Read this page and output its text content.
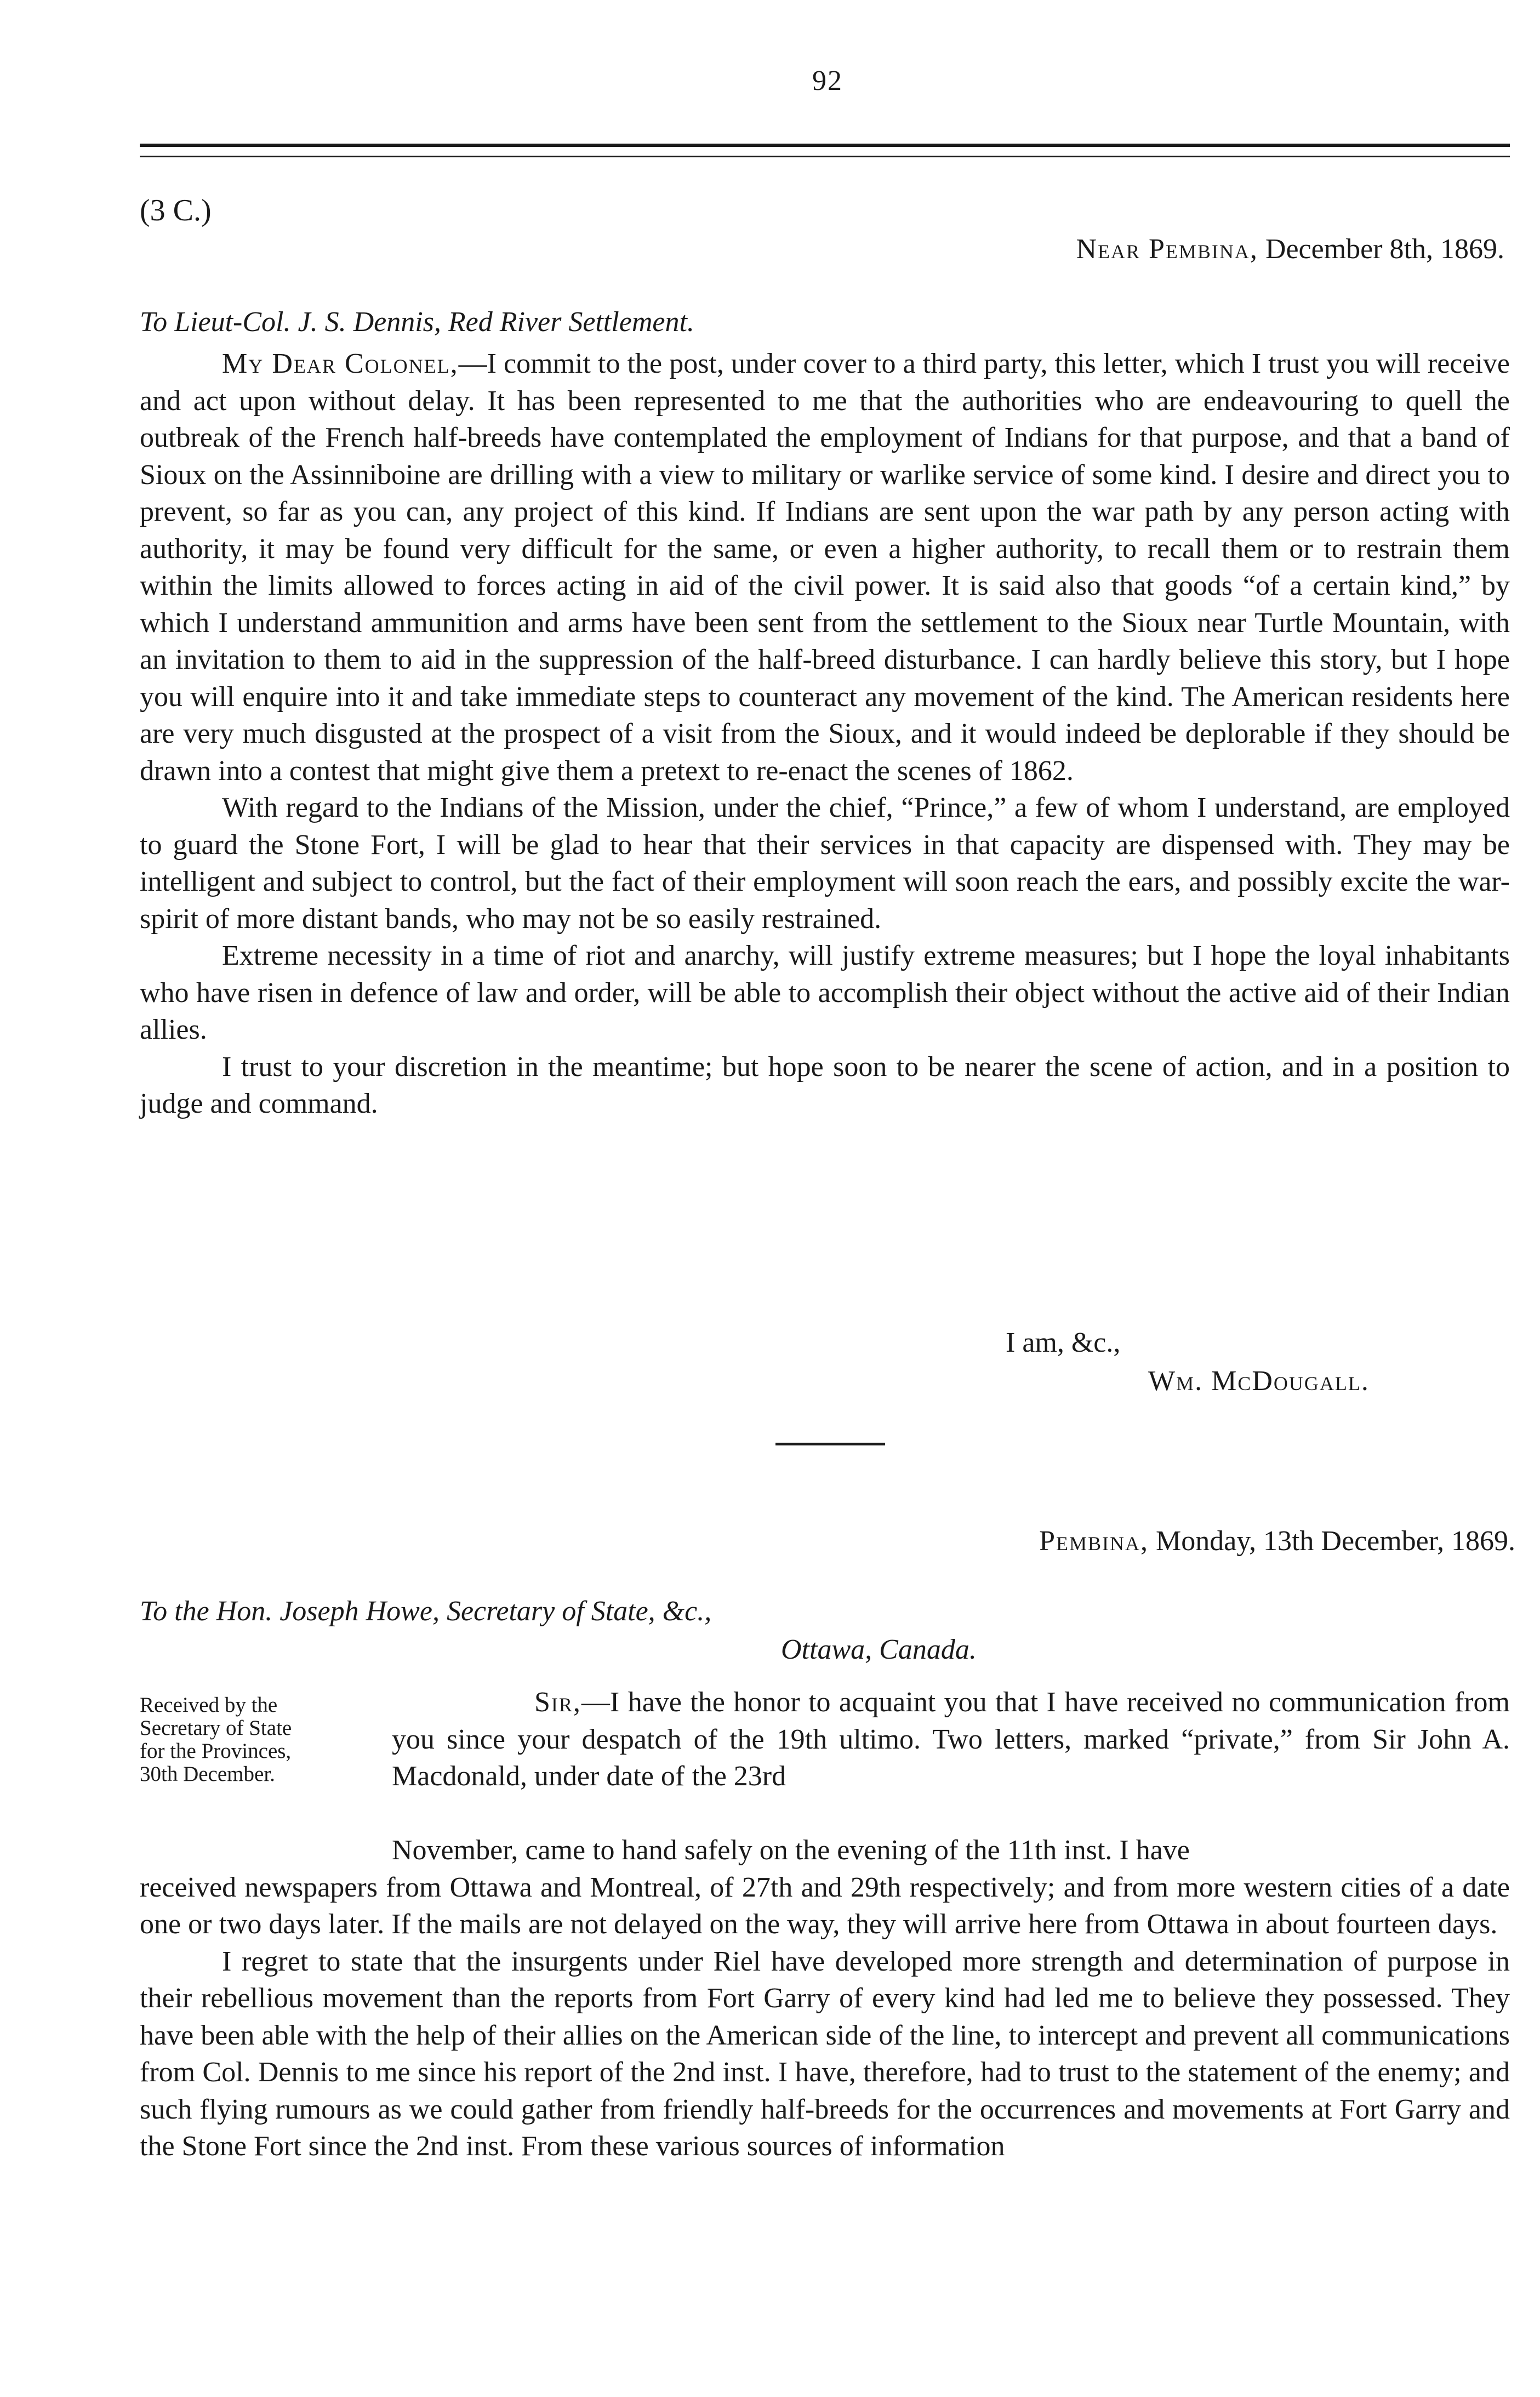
92
(3 C.)
Near Pembina, December 8th, 1869.
To Lieut-Col. J. S. Dennis, Red River Settlement.

My Dear Colonel,—I commit to the post, under cover to a third party, this letter, which I trust you will receive and act upon without delay. It has been represented to me that the authorities who are endeavouring to quell the outbreak of the French half-breeds have contemplated the employment of Indians for that purpose, and that a band of Sioux on the Assinniboine are drilling with a view to military or warlike service of some kind. I desire and direct you to prevent, so far as you can, any project of this kind. If Indians are sent upon the war path by any person acting with authority, it may be found very difficult for the same, or even a higher authority, to recall them or to restrain them within the limits allowed to forces acting in aid of the civil power. It is said also that goods “of a certain kind,” by which I understand ammunition and arms have been sent from the settlement to the Sioux near Turtle Mountain, with an invitation to them to aid in the suppression of the half-breed disturbance. I can hardly believe this story, but I hope you will enquire into it and take immediate steps to counteract any movement of the kind. The American residents here are very much disgusted at the prospect of a visit from the Sioux, and it would indeed be deplorable if they should be drawn into a contest that might give them a pretext to re-enact the scenes of 1862.

With regard to the Indians of the Mission, under the chief, “Prince,” a few of whom I understand, are employed to guard the Stone Fort, I will be glad to hear that their services in that capacity are dispensed with. They may be intelligent and subject to control, but the fact of their employment will soon reach the ears, and possibly excite the war-spirit of more distant bands, who may not be so easily restrained.

Extreme necessity in a time of riot and anarchy, will justify extreme measures; but I hope the loyal inhabitants who have risen in defence of law and order, will be able to accomplish their object without the active aid of their Indian allies.

I trust to your discretion in the meantime; but hope soon to be nearer the scene of action, and in a position to judge and command.

I am, &c.,
Wm. McDougall.
Pembina, Monday, 13th December, 1869.
To the Hon. Joseph Howe, Secretary of State, &c.,
Ottawa, Canada.
Received by the
Secretary of State
for the Provinces,
30th December.

Sir,—I have the honor to acquaint you that I have received no communication from you since your despatch of the 19th ultimo. Two letters, marked “private,” from Sir John A. Macdonald, under date of the 23rd

November, came to hand safely on the evening of the 11th inst. I have
received newspapers from Ottawa and Montreal, of 27th and 29th respectively; and from more western cities of a date one or two days later. If the mails are not delayed on the way, they will arrive here from Ottawa in about fourteen days.

I regret to state that the insurgents under Riel have developed more strength and determination of purpose in their rebellious movement than the reports from Fort Garry of every kind had led me to believe they possessed. They have been able with the help of their allies on the American side of the line, to intercept and prevent all communications from Col. Dennis to me since his report of the 2nd inst. I have, therefore, had to trust to the statement of the enemy; and such flying rumours as we could gather from friendly half-breeds for the occurrences and movements at Fort Garry and the Stone Fort since the 2nd inst. From these various sources of information
